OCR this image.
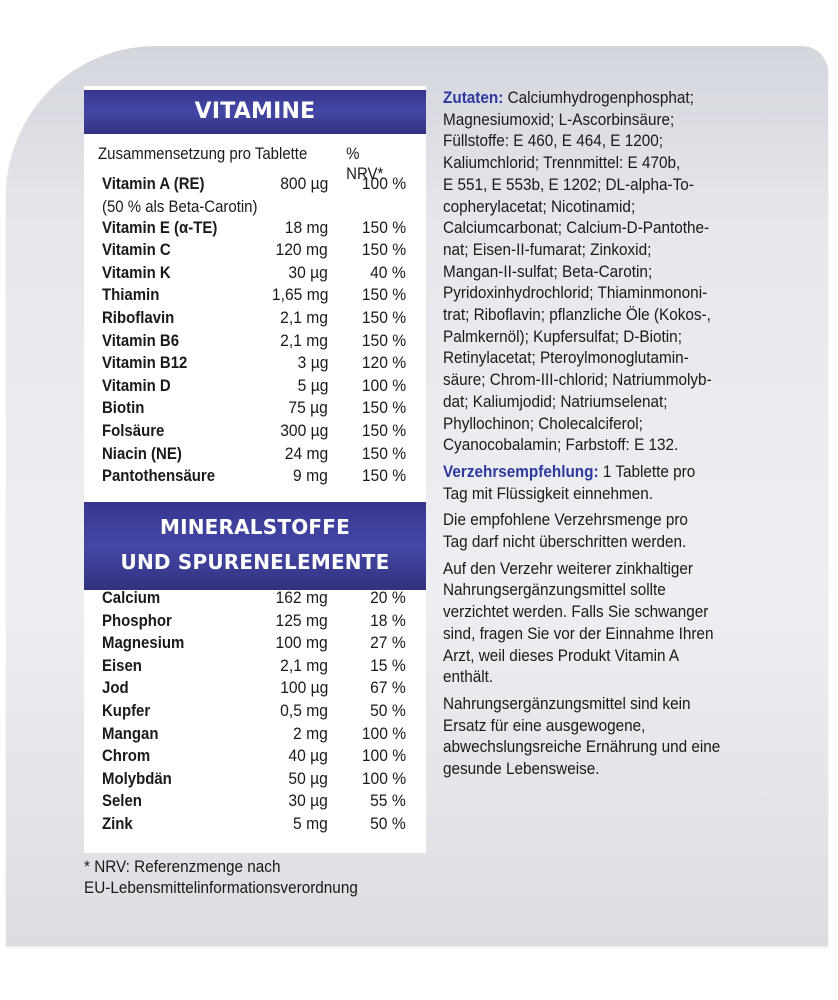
VITAMINE
Zusammensetzung pro Tablette % NRV*
Vitamin A (RE)	800 µg 100 %
(50 % als Beta-Carotin)
Vitamin E (α-TE)	18 mg 150 %
Vitamin C	120 mg 150 %
Vitamin K	30 µg 40 %
Thiamin	1,65 mg 150 %
Riboflavin	2,1 mg 150 %
Vitamin B6	2,1 mg 150 %
Vitamin B12	3 µg 120 %
Vitamin D	5 µg 100 %
Biotin	75 µg 150 %
Folsäure	300 µg 150 %
Niacin (NE)	24 mg 150 %
Pantothensäure	9 mg 150 %
MINERALSTOFFE
UND SPURENELEMENTE
Calcium	162 mg 20 %
Phosphor	125 mg 18 %
Magnesium	100 mg 27 %
Eisen	2,1 mg 15 %
Jod	100 µg 67 %
Kupfer	0,5 mg 50 %
Mangan	2 mg 100 %
Chrom	40 µg 100 %
Molybdän	50 µg 100 %
Selen	30 µg 55 %
Zink	5 mg 50 %
* NRV: Referenzmenge nach
EU-Lebensmittelinformationsverordnung
Zutaten: Calciumhydrogenphosphat;
Magnesiumoxid; L-Ascorbinsäure;
Füllstoffe: E 460, E 464, E 1200;
Kaliumchlorid; Trennmittel: E 470b,
E 551, E 553b, E 1202; DL-alpha-To-
copherylacetat; Nicotinamid;
Calciumcarbonat; Calcium-D-Pantothe-
nat; Eisen-II-fumarat; Zinkoxid;
Mangan-II-sulfat; Beta-Carotin;
Pyridoxinhydrochlorid; Thiaminmononi-
trat; Riboflavin; pflanzliche Öle (Kokos-,
Palmkernöl); Kupfersulfat; D-Biotin;
Retinylacetat; Pteroylmonoglutamin-
säure; Chrom-III-chlorid; Natriummolyb-
dat; Kaliumjodid; Natriumselenat;
Phyllochinon; Cholecalciferol;
Cyanocobalamin; Farbstoff: E 132.
Verzehrsempfehlung: 1 Tablette pro
Tag mit Flüssigkeit einnehmen.
Die empfohlene Verzehrsmenge pro
Tag darf nicht überschritten werden.
Auf den Verzehr weiterer zinkhaltiger
Nahrungsergänzungsmittel sollte
verzichtet werden. Falls Sie schwanger
sind, fragen Sie vor der Einnahme Ihren
Arzt, weil dieses Produkt Vitamin A
enthält.
Nahrungsergänzungsmittel sind kein
Ersatz für eine ausgewogene,
abwechslungsreiche Ernährung und eine
gesunde Lebensweise.
